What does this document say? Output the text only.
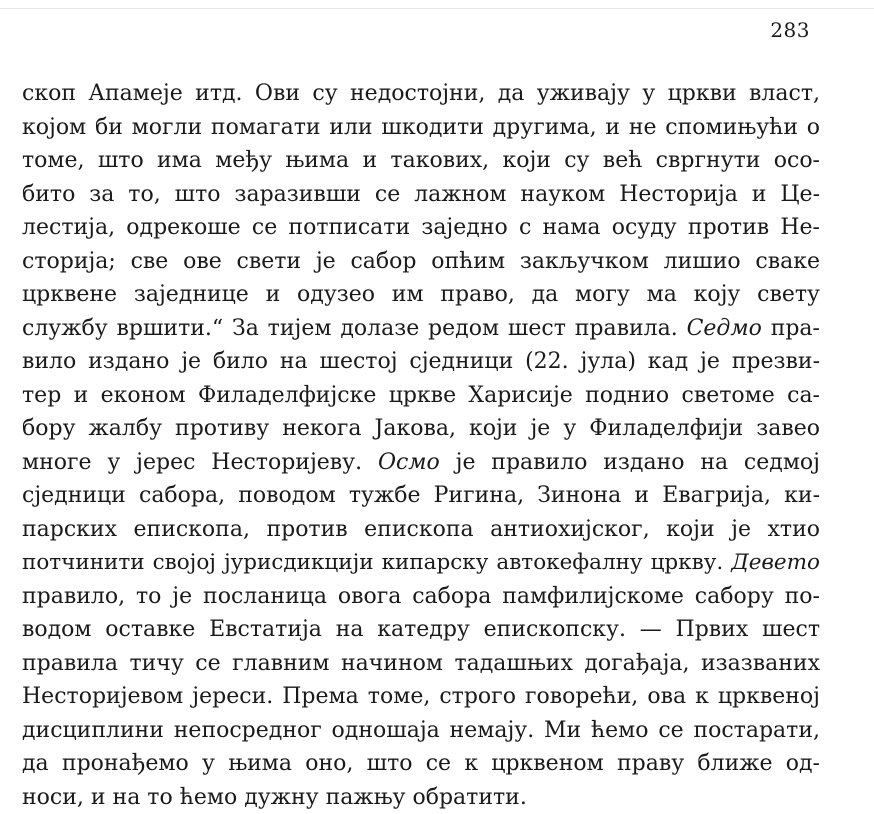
283
скоп Апамеје итд. Ови су недостојни, да уживају у цркви власт,
којом би могли помагати или шкодити другима, и не спомињући о
томе, што има међу њима и таковиx, који су већ свргнути осо-
бито за то, што заразивши се лажном науком Несторија и Це-
лестија, одрекоше се потписати заједно с нама осуду против Не-
сторија; све ове свети је сабор опћим закључком лишио сваке
црквене заједнице и одузео им право, да могу ма коју свету
службу вршити.“ За тијем долазе редом шест правила. Седмо пра-
вило издано је било на шестој сједници (22. јула) кад је презви-
тер и економ Филаделфијске цркве Харисије поднио светоме са-
бору жалбу противу некога Јакова, који је у Филаделфији завео
многе у јерес Несторијеву. Осмо је правило издано на седмој
сједници сабора, поводом тужбе Ригина, Зинона и Евагрија, ки-
парских епископа, против епископа антиохијског, који је хтио
потчинити својој јурисдикцији кипарску автокефалну цркву. Девето
правило, то је посланица овога сабора памфилијскоме сабору по-
водом оставке Евстатија на катедру епископску. — Првих шест
правила тичу се главним начином тадашњих догађаја, изазваних
Несторијевом јереси. Према томе, строго говорећи, ова к црквеној
дисциплини непосредног одношаја немају. Ми ћемо се постарати,
да пронађемо у њима оно, што се к црквеном праву ближе од-
носи, и на то ћемо дужну пажњу обратити.
